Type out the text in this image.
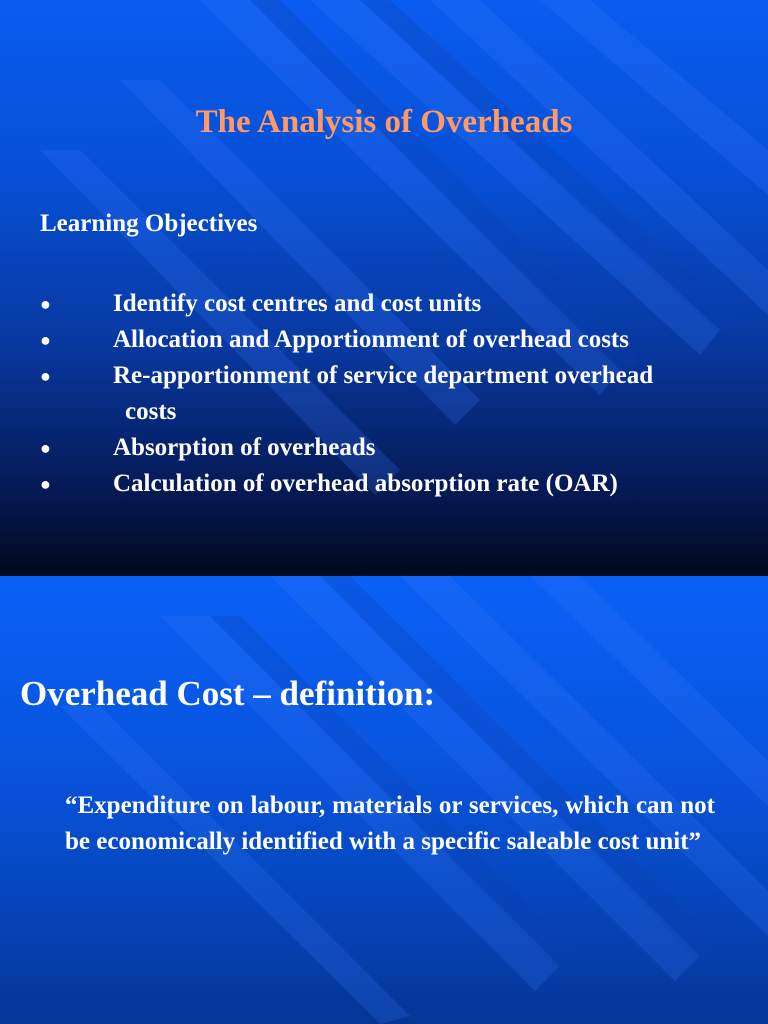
The Analysis of Overheads
Learning Objectives
●	Identify cost centres and cost units
●	Allocation and Apportionment of overhead costs
●	Re-apportionment of service department overhead
costs
●	Absorption of overheads
●	Calculation of overhead absorption rate (OAR)
Overhead Cost – definition:

“Expenditure on labour, materials or services, which can not be economically identified with a specific saleable cost unit”
